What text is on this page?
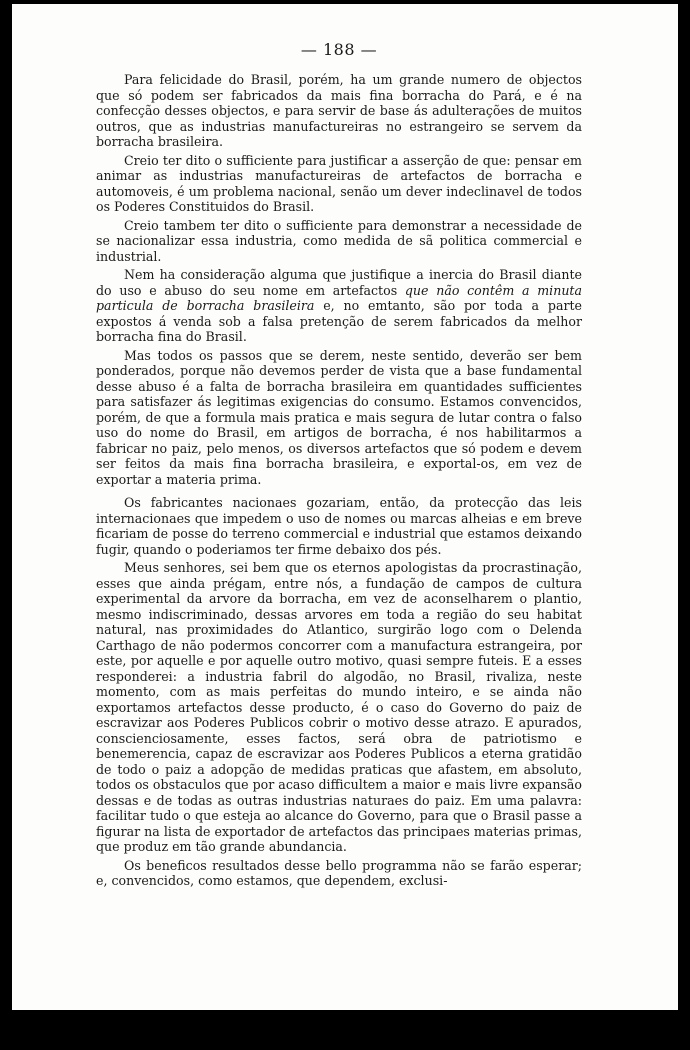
— 188 —

Para felicidade do Brasil, porém, ha um grande numero de objectos que só podem ser fabricados da mais fina borracha do Pará, e é na confecção desses objectos, e para servir de base ás adulterações de muitos outros, que as industrias manufactureiras no estrangeiro se servem da borracha brasileira.

Creio ter dito o sufficiente para justificar a asserção de que: pensar em animar as industrias manufactureiras de artefactos de borracha e automoveis, é um problema nacional, senão um dever indeclinavel de todos os Poderes Constituidos do Brasil.

Creio tambem ter dito o sufficiente para demonstrar a necessidade de se nacionalizar essa industria, como medida de sã politica commercial e industrial.

Nem ha consideração alguma que justifique a inercia do Brasil diante do uso e abuso do seu nome em artefactos que não contêm a minuta particula de borracha brasileira e, no emtanto, são por toda a parte expostos á venda sob a falsa pretenção de serem fabricados da melhor borracha fina do Brasil.

Mas todos os passos que se derem, neste sentido, deverão ser bem ponderados, porque não devemos perder de vista que a base fundamental desse abuso é a falta de borracha brasileira em quantidades sufficientes para satisfazer ás legitimas exigencias do consumo. Estamos convencidos, porém, de que a formula mais pratica e mais segura de lutar contra o falso uso do nome do Brasil, em artigos de borracha, é nos habilitarmos a fabricar no paiz, pelo menos, os diversos artefactos que só podem e devem ser feitos da mais fina borracha brasileira, e exportal-os, em vez de exportar a materia prima.

Os fabricantes nacionaes gozariam, então, da protecção das leis internacionaes que impedem o uso de nomes ou marcas alheias e em breve ficariam de posse do terreno commercial e industrial que estamos deixando fugir, quando o poderiamos ter firme debaixo dos pés.

Meus senhores, sei bem que os eternos apologistas da procrastinação, esses que ainda prégam, entre nós, a fundação de campos de cultura experimental da arvore da borracha, em vez de aconselharem o plantio, mesmo indiscriminado, dessas arvores em toda a região do seu habitat natural, nas proximidades do Atlantico, surgirão logo com o Delenda Carthago de não podermos concorrer com a manufactura estrangeira, por este, por aquelle e por aquelle outro motivo, quasi sempre futeis. E a esses responderei: a industria fabril do algodão, no Brasil, rivaliza, neste momento, com as mais perfeitas do mundo inteiro, e se ainda não exportamos artefactos desse producto, é o caso do Governo do paiz de escravizar aos Poderes Publicos cobrir o motivo desse atrazo. E apurados, conscienciosamente, esses factos, será obra de patriotismo e benemerencia, capaz de escravizar aos Poderes Publicos a eterna gratidão de todo o paiz a adopção de medidas praticas que afastem, em absoluto, todos os obstaculos que por acaso difficultem a maior e mais livre expansão dessas e de todas as outras industrias naturaes do paiz. Em uma palavra: facilitar tudo o que esteja ao alcance do Governo, para que o Brasil passe a figurar na lista de exportador de artefactos das principaes materias primas, que produz em tão grande abundancia.

Os beneficos resultados desse bello programma não se farão esperar; e, convencidos, como estamos, que dependem, exclusi-
